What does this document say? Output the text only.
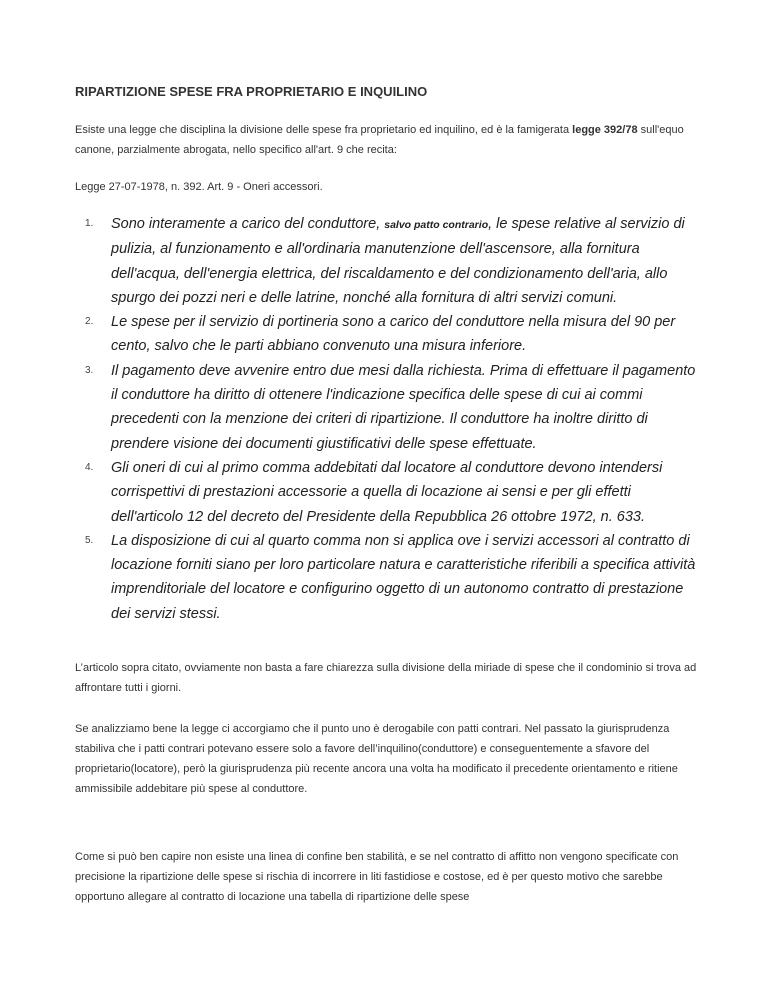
RIPARTIZIONE SPESE FRA PROPRIETARIO E INQUILINO
Esiste una legge che disciplina la divisione delle spese fra proprietario ed inquilino, ed è la famigerata legge 392/78 sull'equo canone, parzialmente abrogata, nello specifico all'art. 9 che recita:
Legge 27-07-1978, n. 392. Art. 9 - Oneri accessori.
1. Sono interamente a carico del conduttore, salvo patto contrario, le spese relative al servizio di pulizia, al funzionamento e all'ordinaria manutenzione dell'ascensore, alla fornitura dell'acqua, dell'energia elettrica, del riscaldamento e del condizionamento dell'aria, allo spurgo dei pozzi neri e delle latrine, nonché alla fornitura di altri servizi comuni.
2. Le spese per il servizio di portineria sono a carico del conduttore nella misura del 90 per cento, salvo che le parti abbiano convenuto una misura inferiore.
3. Il pagamento deve avvenire entro due mesi dalla richiesta. Prima di effettuare il pagamento il conduttore ha diritto di ottenere l'indicazione specifica delle spese di cui ai commi precedenti con la menzione dei criteri di ripartizione. Il conduttore ha inoltre diritto di prendere visione dei documenti giustificativi delle spese effettuate.
4. Gli oneri di cui al primo comma addebitati dal locatore al conduttore devono intendersi corrispettivi di prestazioni accessorie a quella di locazione ai sensi e per gli effetti dell'articolo 12 del decreto del Presidente della Repubblica 26 ottobre 1972, n. 633.
5. La disposizione di cui al quarto comma non si applica ove i servizi accessori al contratto di locazione forniti siano per loro particolare natura e caratteristiche riferibili a specifica attività imprenditoriale del locatore e configurino oggetto di un autonomo contratto di prestazione dei servizi stessi.
L’articolo sopra citato, ovviamente non basta a fare chiarezza sulla divisione della miriade di spese che il condominio si trova ad affrontare tutti i giorni.
Se analizziamo bene la legge ci accorgiamo che il punto uno è derogabile con patti contrari. Nel passato la giurisprudenza stabiliva che i patti contrari potevano essere solo a favore dell’inquilino(conduttore) e conseguentemente a sfavore del proprietario(locatore), però la giurisprudenza più recente ancora una volta ha modificato il precedente orientamento e ritiene ammissibile addebitare più spese al conduttore.
Come si può ben capire non esiste una linea di confine ben stabilità, e se nel contratto di affitto non vengono specificate con precisione la ripartizione delle spese si rischia di incorrere in liti fastidiose e costose, ed è per questo motivo che sarebbe opportuno allegare al contratto di locazione una tabella di ripartizione delle spese
